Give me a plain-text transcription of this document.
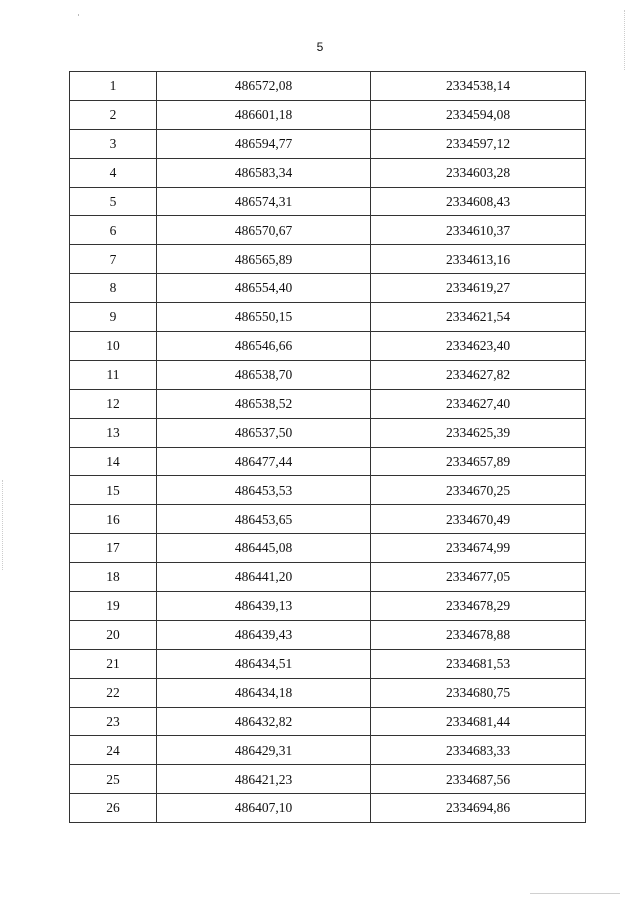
5
1	486572,08	2334538,14
2	486601,18	2334594,08
3	486594,77	2334597,12
4	486583,34	2334603,28
5	486574,31	2334608,43
6	486570,67	2334610,37
7	486565,89	2334613,16
8	486554,40	2334619,27
9	486550,15	2334621,54
10	486546,66	2334623,40
11	486538,70	2334627,82
12	486538,52	2334627,40
13	486537,50	2334625,39
14	486477,44	2334657,89
15	486453,53	2334670,25
16	486453,65	2334670,49
17	486445,08	2334674,99
18	486441,20	2334677,05
19	486439,13	2334678,29
20	486439,43	2334678,88
21	486434,51	2334681,53
22	486434,18	2334680,75
23	486432,82	2334681,44
24	486429,31	2334683,33
25	486421,23	2334687,56
26	486407,10	2334694,86
